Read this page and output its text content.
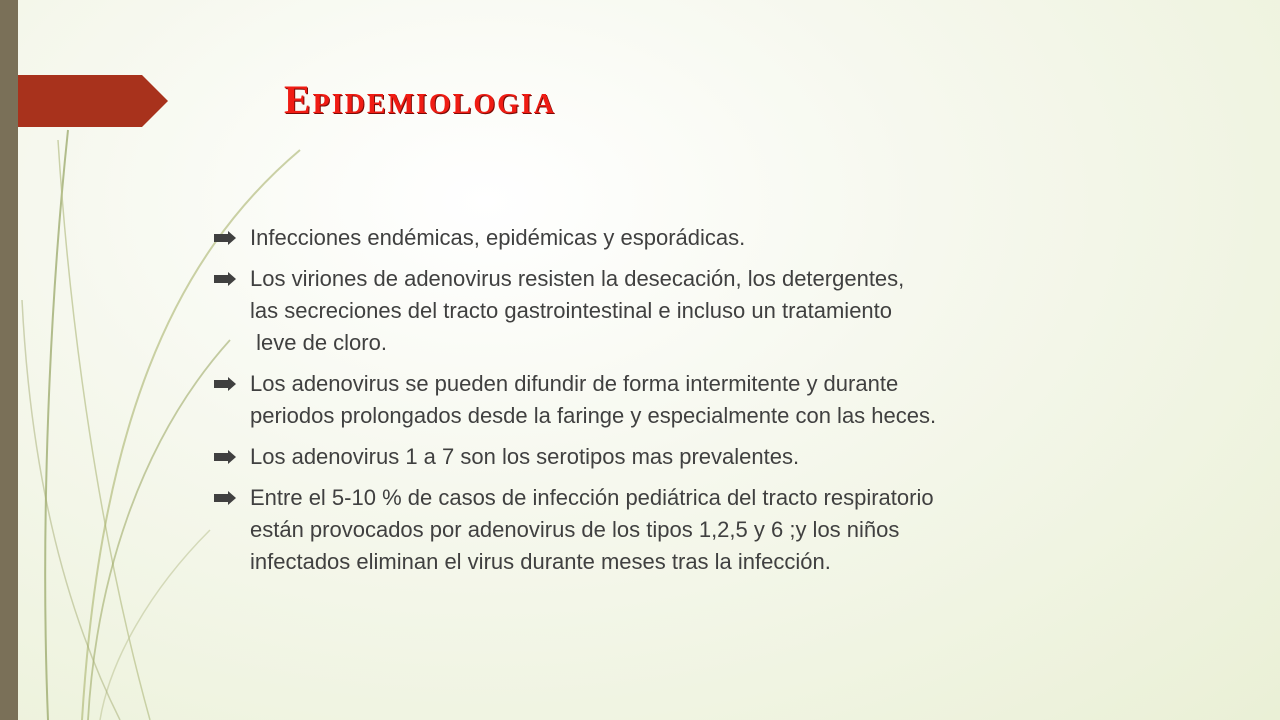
Epidemiologia
Infecciones endémicas, epidémicas y esporádicas.
Los viriones de adenovirus resisten la desecación, los detergentes,
las secreciones del tracto gastrointestinal e incluso un tratamiento
leve de cloro.
Los adenovirus se pueden difundir de forma intermitente y durante
periodos prolongados desde la faringe y especialmente con las heces.
Los adenovirus 1 a 7 son los serotipos mas prevalentes.
Entre el 5-10 % de casos de infección pediátrica del tracto respiratorio
están provocados por adenovirus de los tipos 1,2,5 y 6 ;y los niños
infectados eliminan el virus durante meses tras la infección.
